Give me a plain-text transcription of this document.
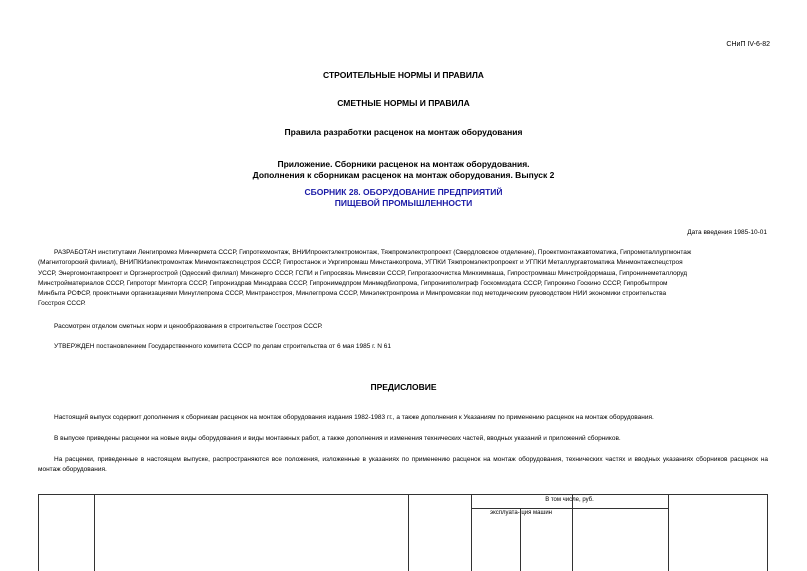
СНиП IV-6-82
СТРОИТЕЛЬНЫЕ НОРМЫ И ПРАВИЛА
СМЕТНЫЕ НОРМЫ И ПРАВИЛА
Правила разработки расценок на монтаж оборудования
Приложение. Сборники расценок на монтаж оборудования.
Дополнения к сборникам расценок на монтаж оборудования. Выпуск 2
СБОРНИК 28. ОБОРУДОВАНИЕ ПРЕДПРИЯТИЙ
ПИЩЕВОЙ ПРОМЫШЛЕННОСТИ
Дата введения 1985-10-01
РАЗРАБОТАН институтами Ленгипромез Минчермета СССР, Гипротехмонтаж, ВНИИпроектэлектромонтаж, Тяжпромэлектропроект (Свердловское отделение), Проектмонтажавтоматика, Гипрометаллургмонтаж
(Магнитогорский филиал), ВНИПКИэлектромонтаж Минмонтажспецстроя СССР, Гипростанок и Укргипромаш Минстанкопрома, УГПКИ Тяжпромэлектропроект и УГПКИ Металлургавтоматика Минмонтажспецстроя
УССР, Энергомонтажпроект и Оргэнергострой (Одесский филиал) Минэнерго СССР, ГСПИ и Гипросвязь Минсвязи СССР, Гипрогазоочистка Минхиммаша, Гипростроммаш Минстройдормаша, Гипронинеметаллоруд
Минстройматериалов СССР, Гипроторг Минторга СССР, Гипрониздрав Минздрава СССР, Гипронимедпром Минмедбиопрома, Гипронииполиграф Госкомиздата СССР, Гипрокино Госкино СССР, Гипробытпром
Минбыта РСФСР, проектными организациями Минуглепрома СССР, Минтрансстроя, Минлегпрома СССР, Минэлектронпрома и Минпромсвязи под методическим руководством НИИ экономики строительства
Госстроя СССР.
Рассмотрен отделом сметных норм и ценообразования в строительстве Госстроя СССР.
УТВЕРЖДЕН постановлением Государственного комитета СССР по делам строительства от 6 мая 1985 г. N 61
ПРЕДИСЛОВИЕ
Настоящий выпуск содержит дополнения к сборникам расценок на монтаж оборудования издания 1982-1983 гг., а также дополнения к Указаниям по применению расценок на монтаж оборудования.
В выпуске приведены расценки на новые виды оборудования и виды монтажных работ, а также дополнения и изменения технических частей, вводных указаний и приложений сборников.
На расценки, приведенные в настоящем выпуске, распространяются все положения, изложенные в указаниях по применению расценок на монтаж оборудования, технических частях и вводных указаниях сборников расценок на монтаж оборудования.
В том числе, руб.
эксплуата- ция машин
